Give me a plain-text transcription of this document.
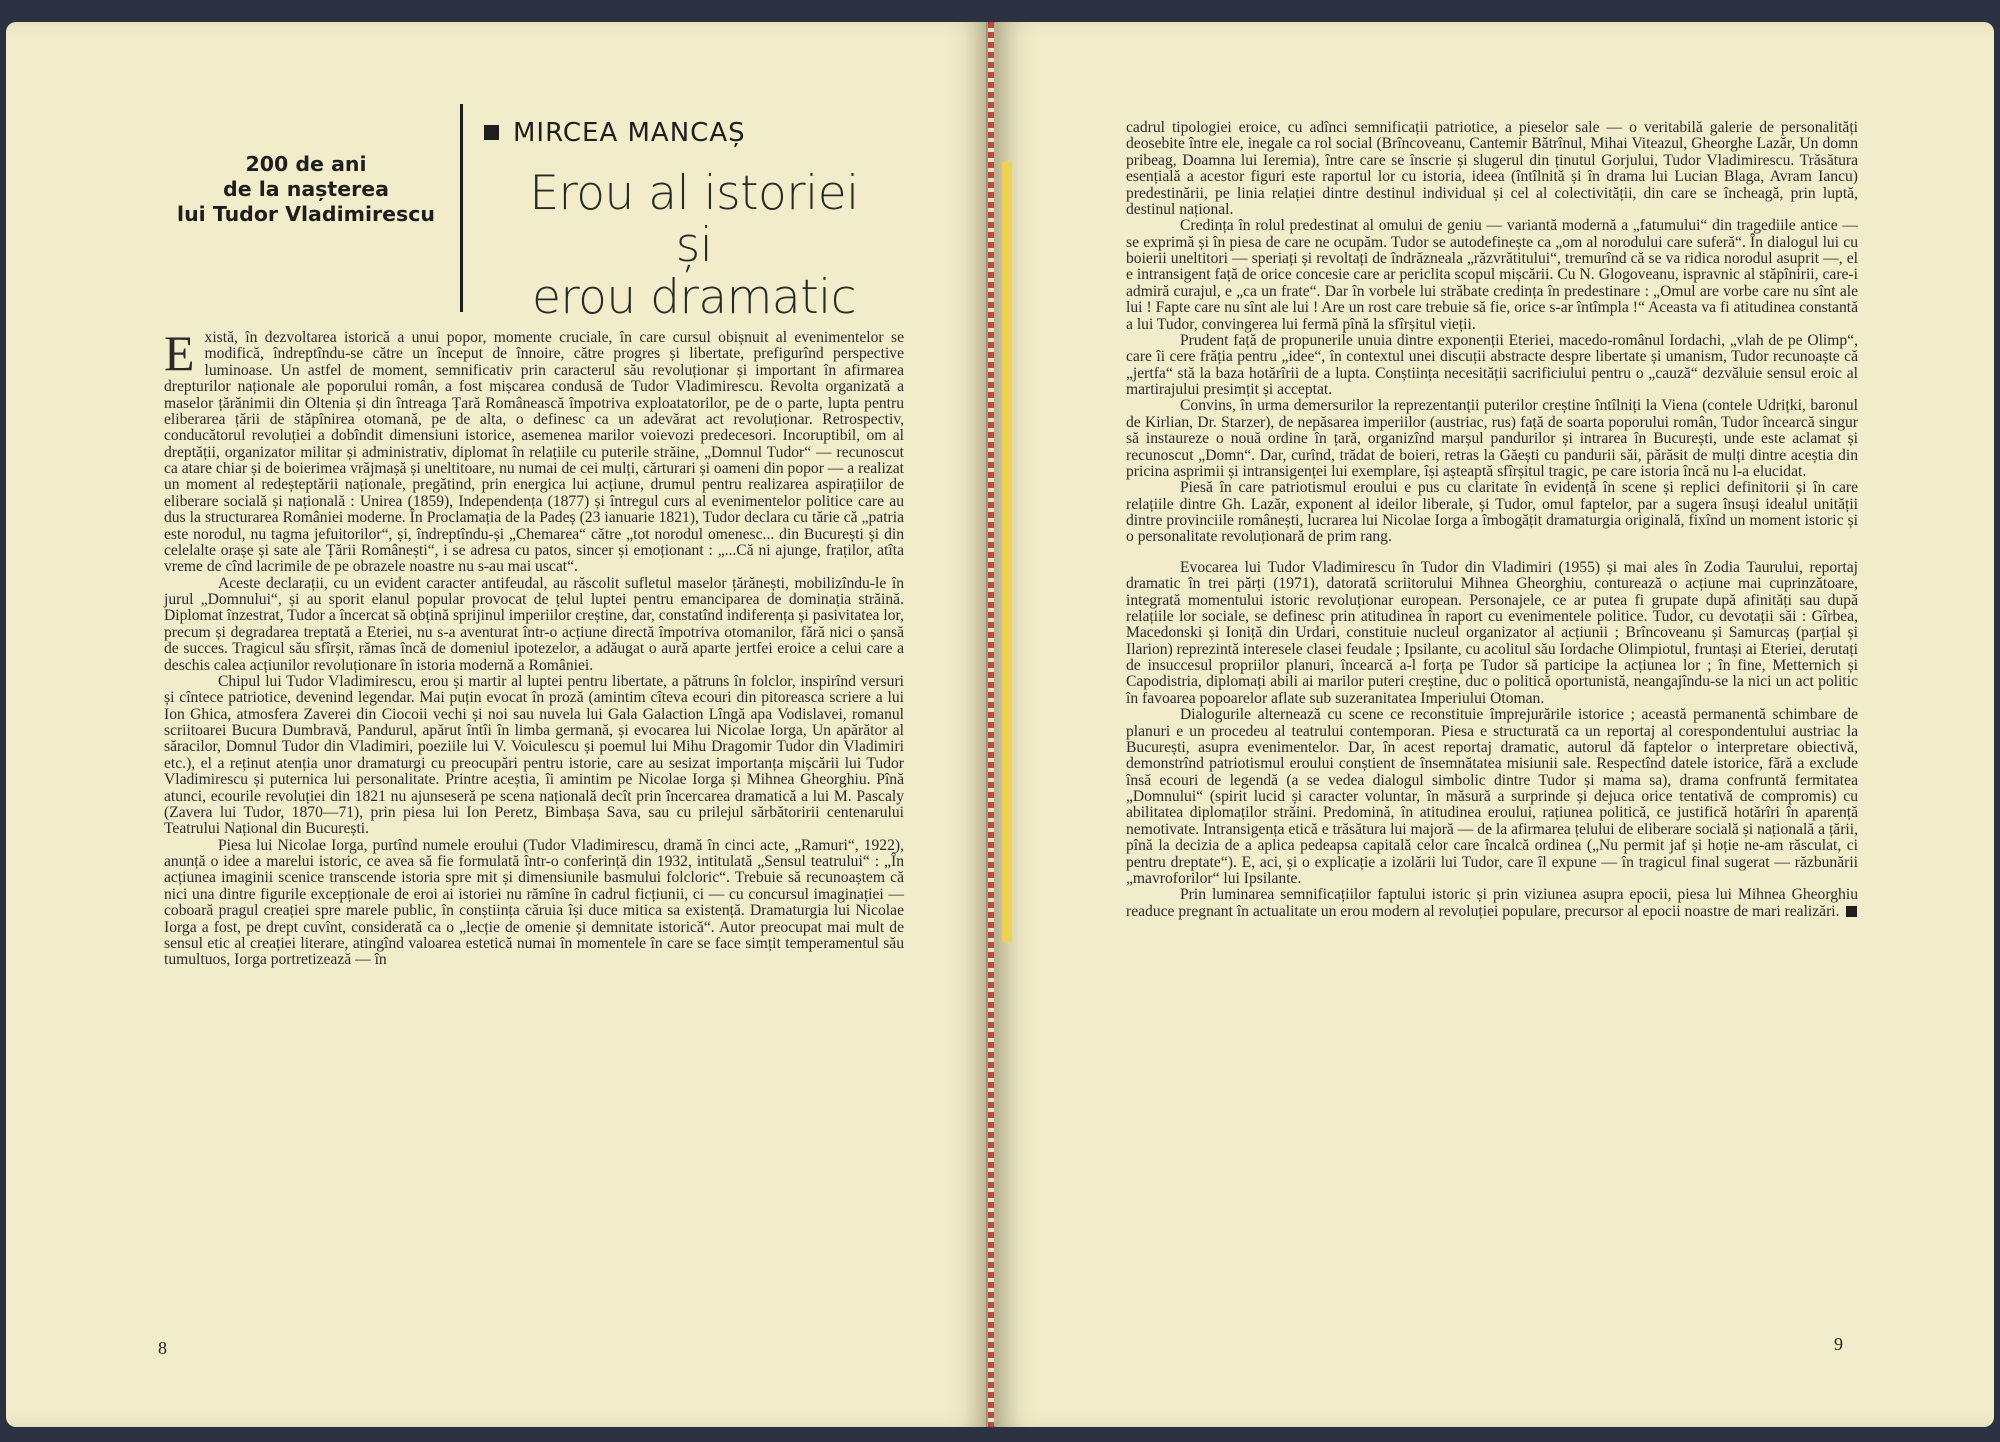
200 de ani
de la nașterea
lui Tudor Vladimirescu
MIRCEA MANCAȘ
Erou al istoriei
și
erou dramatic

Există, în dezvoltarea istorică a unui popor, momente cruciale, în care cursul obișnuit al evenimentelor se modifică, îndreptîndu-se către un început de înnoire, către progres și libertate, prefigurînd perspective luminoase. Un astfel de moment, semnificativ prin caracterul său revoluționar și important în afirmarea drepturilor naționale ale poporului român, a fost mișcarea condusă de Tudor Vladimirescu. Revolta organizată a maselor țărănimii din Oltenia și din întreaga Țară Românească împotriva exploatatorilor, pe de o parte, lupta pentru eliberarea țării de stăpînirea otomană, pe de alta, o definesc ca un adevărat act revoluționar. Retrospectiv, conducătorul revoluției a dobîndit dimensiuni istorice, asemenea marilor voievozi predecesori. Incoruptibil, om al dreptății, organizator militar și administrativ, diplomat în relațiile cu puterile străine, „Domnul Tudor“ — recunoscut ca atare chiar și de boierimea vrăjmașă și uneltitoare, nu numai de cei mulți, cărturari și oameni din popor — a realizat un moment al redeșteptării naționale, pregătind, prin energica lui acțiune, drumul pentru realizarea aspirațiilor de eliberare socială și națională : Unirea (1859), Independența (1877) și întregul curs al evenimentelor politice care au dus la structurarea României moderne. În Proclamația de la Padeș (23 ianuarie 1821), Tudor declara cu tărie că „patria este norodul, nu tagma jefuitorilor“, și, îndreptîndu-și „Chemarea“ către „tot norodul omenesc... din București și din celelalte orașe și sate ale Țării Românești“, i se adresa cu patos, sincer și emoționant : „...Că ni ajunge, fraților, atîta vreme de cînd lacrimile de pe obrazele noastre nu s-au mai uscat“.

Aceste declarații, cu un evident caracter antifeudal, au răscolit sufletul maselor țărănești, mobilizîndu-le în jurul „Domnului“, și au sporit elanul popular provocat de țelul luptei pentru emanciparea de dominația străină. Diplomat înzestrat, Tudor a încercat să obțină sprijinul imperiilor creștine, dar, constatînd indiferența și pasivitatea lor, precum și degradarea treptată a Eteriei, nu s-a aventurat într-o acțiune directă împotriva otomanilor, fără nici o șansă de succes. Tragicul său sfîrșit, rămas încă de domeniul ipotezelor, a adăugat o aură aparte jertfei eroice a celui care a deschis calea acțiunilor revoluționare în istoria modernă a României.

Chipul lui Tudor Vladimirescu, erou și martir al luptei pentru libertate, a pătruns în folclor, inspirînd versuri și cîntece patriotice, devenind legendar. Mai puțin evocat în proză (amintim cîteva ecouri din pitoreasca scriere a lui Ion Ghica, atmosfera Zaverei din Ciocoii vechi și noi sau nuvela lui Gala Galaction Lîngă apa Vodislavei, romanul scriitoarei Bucura Dumbravă, Pandurul, apărut întîi în limba germană, și evocarea lui Nicolae Iorga, Un apărător al săracilor, Domnul Tudor din Vladimiri, poeziile lui V. Voiculescu și poemul lui Mihu Dragomir Tudor din Vladimiri etc.), el a reținut atenția unor dramaturgi cu preocupări pentru istorie, care au sesizat importanța mișcării lui Tudor Vladimirescu și puternica lui personalitate. Printre aceștia, îi amintim pe Nicolae Iorga și Mihnea Gheorghiu. Pînă atunci, ecourile revoluției din 1821 nu ajunseseră pe scena națională decît prin încercarea dramatică a lui M. Pascaly (Zavera lui Tudor, 1870—71), prin piesa lui Ion Peretz, Bimbașa Sava, sau cu prilejul sărbătoririi centenarului Teatrului Național din București.

Piesa lui Nicolae Iorga, purtînd numele eroului (Tudor Vladimirescu, dramă în cinci acte, „Ramuri“, 1922), anunță o idee a marelui istoric, ce avea să fie formulată într-o conferință din 1932, intitulată „Sensul teatrului“ : „În acțiunea imaginii scenice transcende istoria spre mit și dimensiunile basmului folcloric“. Trebuie să recunoaștem că nici una dintre figurile excepționale de eroi ai istoriei nu rămîne în cadrul ficțiunii, ci — cu concursul imaginației — coboară pragul creației spre marele public, în conștiința căruia își duce mitica sa existență. Dramaturgia lui Nicolae Iorga a fost, pe drept cuvînt, considerată ca o „lecție de omenie și demnitate istorică“. Autor preocupat mai mult de sensul etic al creației literare, atingînd valoarea estetică numai în momentele în care se face simțit temperamentul său tumultuos, Iorga portretizează — în

8

cadrul tipologiei eroice, cu adînci semnificații patriotice, a pieselor sale — o veritabilă galerie de personalități deosebite între ele, inegale ca rol social (Brîncoveanu, Cantemir Bătrînul, Mihai Viteazul, Gheorghe Lazăr, Un domn pribeag, Doamna lui Ieremia), între care se înscrie și slugerul din ținutul Gorjului, Tudor Vladimirescu. Trăsătura esențială a acestor figuri este raportul lor cu istoria, ideea (întîlnită și în drama lui Lucian Blaga, Avram Iancu) predestinării, pe linia relației dintre destinul individual și cel al colectivității, din care se încheagă, prin luptă, destinul național.

Credința în rolul predestinat al omului de geniu — variantă modernă a „fatumului“ din tragediile antice — se exprimă și în piesa de care ne ocupăm. Tudor se autodefinește ca „om al norodului care suferă“. În dialogul lui cu boierii uneltitori — speriați și revoltați de îndrăzneala „răzvrătitului“, tremurînd că se va ridica norodul asuprit —, el e intransigent față de orice concesie care ar periclita scopul mișcării. Cu N. Glogoveanu, ispravnic al stăpînirii, care-i admiră curajul, e „ca un frate“. Dar în vorbele lui străbate credința în predestinare : „Omul are vorbe care nu sînt ale lui ! Fapte care nu sînt ale lui ! Are un rost care trebuie să fie, orice s-ar întîmpla !“ Aceasta va fi atitudinea constantă a lui Tudor, convingerea lui fermă pînă la sfîrșitul vieții.

Prudent față de propunerile unuia dintre exponenții Eteriei, macedo-românul Iordachi, „vlah de pe Olimp“, care îi cere frăția pentru „idee“, în contextul unei discuții abstracte despre libertate și umanism, Tudor recunoaște că „jertfa“ stă la baza hotărîrii de a lupta. Conștiința necesității sacrificiului pentru o „cauză“ dezvăluie sensul eroic al martirajului presimțit și acceptat.

Convins, în urma demersurilor la reprezentanții puterilor creștine întîlniți la Viena (contele Udrițki, baronul de Kirlian, Dr. Starzer), de nepăsarea imperiilor (austriac, rus) față de soarta poporului român, Tudor încearcă singur să instaureze o nouă ordine în țară, organizînd marșul pandurilor și intrarea în București, unde este aclamat și recunoscut „Domn“. Dar, curînd, trădat de boieri, retras la Găești cu pandurii săi, părăsit de mulți dintre aceștia din pricina asprimii și intransigenței lui exemplare, își așteaptă sfîrșitul tragic, pe care istoria încă nu l-a elucidat.

Piesă în care patriotismul eroului e pus cu claritate în evidență în scene și replici definitorii și în care relațiile dintre Gh. Lazăr, exponent al ideilor liberale, și Tudor, omul faptelor, par a sugera însuși idealul unității dintre provinciile românești, lucrarea lui Nicolae Iorga a îmbogățit dramaturgia originală, fixînd un moment istoric și o personalitate revoluționară de prim rang.

Evocarea lui Tudor Vladimirescu în Tudor din Vladimiri (1955) și mai ales în Zodia Taurului, reportaj dramatic în trei părți (1971), datorată scriitorului Mihnea Gheorghiu, conturează o acțiune mai cuprinzătoare, integrată momentului istoric revoluționar european. Personajele, ce ar putea fi grupate după afinități sau după relațiile lor sociale, se definesc prin atitudinea în raport cu evenimentele politice. Tudor, cu devotații săi : Gîrbea, Macedonski și Ioniță din Urdari, constituie nucleul organizator al acțiunii ; Brîncoveanu și Samurcaș (parțial și Ilarion) reprezintă interesele clasei feudale ; Ipsilante, cu acolitul său Iordache Olimpiotul, fruntași ai Eteriei, derutați de insuccesul propriilor planuri, încearcă a-l forța pe Tudor să participe la acțiunea lor ; în fine, Metternich și Capodistria, diplomați abili ai marilor puteri creștine, duc o politică oportunistă, neangajîndu-se la nici un act politic în favoarea popoarelor aflate sub suzeranitatea Imperiului Otoman.

Dialogurile alternează cu scene ce reconstituie împrejurările istorice ; această permanentă schimbare de planuri e un procedeu al teatrului contemporan. Piesa e structurată ca un reportaj al corespondentului austriac la București, asupra evenimentelor. Dar, în acest reportaj dramatic, autorul dă faptelor o interpretare obiectivă, demonstrînd patriotismul eroului conștient de însemnătatea misiunii sale. Respectînd datele istorice, fără a exclude însă ecouri de legendă (a se vedea dialogul simbolic dintre Tudor și mama sa), drama confruntă fermitatea „Domnului“ (spirit lucid și caracter voluntar, în măsură a surprinde și dejuca orice tentativă de compromis) cu abilitatea diplomaților străini. Predomină, în atitudinea eroului, rațiunea politică, ce justifică hotărîri în aparență nemotivate. Intransigența etică e trăsătura lui majoră — de la afirmarea țelului de eliberare socială și națională a țării, pînă la decizia de a aplica pedeapsa capitală celor care încalcă ordinea („Nu permit jaf și hoție ne-am răsculat, ci pentru dreptate“). E, aci, și o explicație a izolării lui Tudor, care îl expune — în tragicul final sugerat — răzbunării „mavroforilor“ lui Ipsilante.

Prin luminarea semnificațiilor faptului istoric și prin viziunea asupra epocii, piesa lui Mihnea Gheorghiu readuce pregnant în actualitate un erou modern al revoluției populare, precursor al epocii noastre de mari realizări.

9
